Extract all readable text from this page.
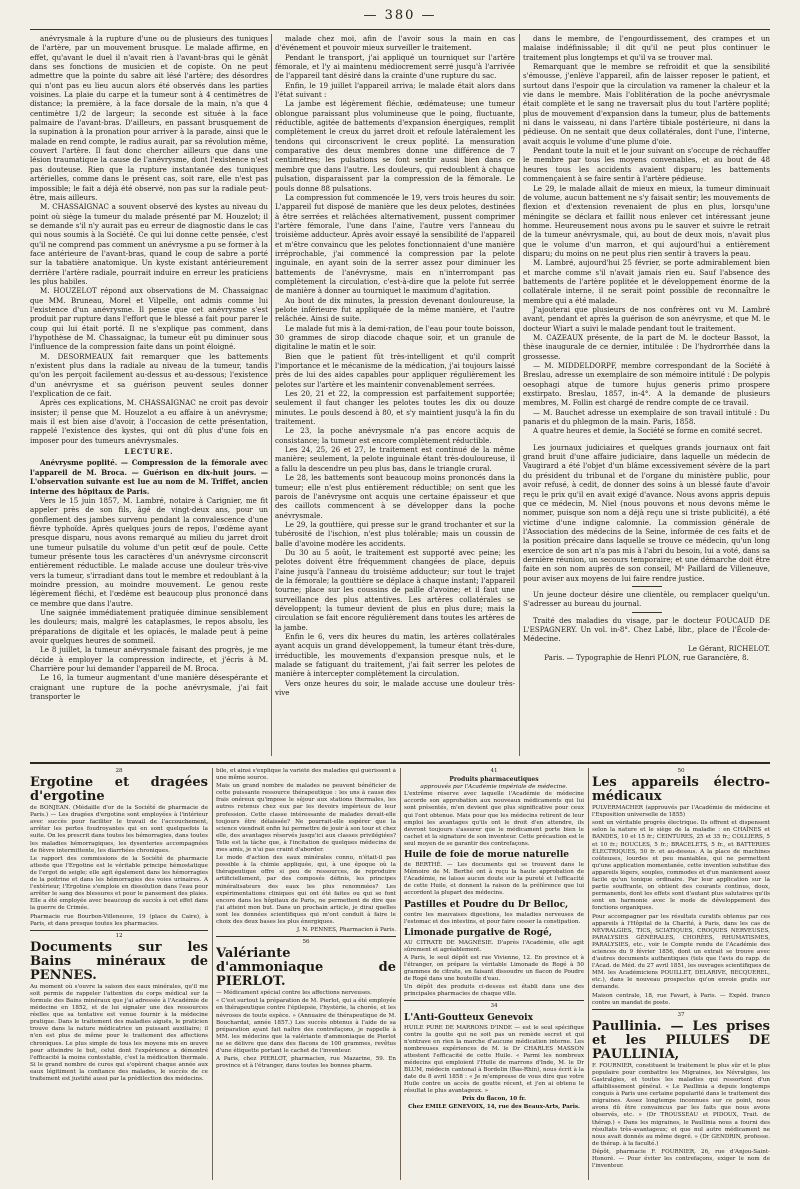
— 380 —

anévrysmale à la rupture d'une ou de plusieurs des tuniques de l'artère, par un mouvement brusque. Le malade affirme, en effet, qu'avant le duel il n'avait rien à l'avant-bras qui le gênât dans ses fonctions de musicien et de copiste. On ne peut admettre que la pointe du sabre ait lésé l'artère; des désordres qui n'ont pas eu lieu aucun alors été observés dans les parties voisines. La plaie du carpe et la tumeur sont à 4 centimètres de distance; la première, à la face dorsale de la main, n'a que 4 centimètre 1/2 de largeur; la seconde est située à la face palmaire de l'avant-bras. D'ailleurs, en passant brusquement de la supination à la pronation pour arriver à la parade, ainsi que le malade en rend compte, le radius aurait, par sa révolution même, couvert l'artère. Il faut donc chercher ailleurs que dans une lésion traumatique la cause de l'anévrysme, dont l'existence n'est pas douteuse. Rien que la rupture instantanée des tuniques artérielles, comme dans le présent cas, soit rare, elle n'est pas impossible; le fait a déjà été observé, non pas sur la radiale peut-être, mais ailleurs.

M. CHASSAIGNAC a souvent observé des kystes au niveau du point où siège la tumeur du malade présenté par M. Houzelot; il se demande s'il n'y aurait pas eu erreur de diagnostic dans le cas qui nous soumis à la Société. Ce qui lui donne cette pensée, c'est qu'il ne comprend pas comment un anévrysme a pu se former à la face antérieure de l'avant-bras, quand le coup de sabre a porté sur la tabatière anatomique. Un kyste existant antérieurement derrière l'artère radiale, pourrait induire en erreur les praticiens les plus habiles.

M. HOUZELOT répond aux observations de M. Chassaignac que MM. Bruneau, Morel et Vilpelle, ont admis comme lui l'existence d'un anévrysme. Il pense que cet anévrysme s'est produit par rupture dans l'effort que le blessé a fait pour parer le coup qui lui était porté. Il ne s'explique pas comment, dans l'hypothèse de M. Chassaignac, la tumeur eût pu diminuer sous l'influence de la compression faite dans un point éloigné.

M. DESORMEAUX fait remarquer que les battements n'existent plus dans la radiale au niveau de la tumeur, tandis qu'on les perçoit facilement au-dessus et au-dessous; l'existence d'un anévrysme et sa guérison peuvent seules donner l'explication de ce fait.

Après ces explications, M. CHASSAIGNAC ne croit pas devoir insister; il pense que M. Houzelot a eu affaire à un anévrysme; mais il est bien aise d'avoir, à l'occasion de cette présentation, rappelé l'existence des kystes, qui ont dû plus d'une fois en imposer pour des tumeurs anévrysmales.

LECTURE.

Anévrysme poplité. — Compression de la fémorale avec l'appareil de M. Broca. — Guérison en dix-huit jours. — L'observation suivante est lue au nom de M. Triffet, ancien interne des hôpitaux de Paris.

Vers le 15 juin 1857, M. Lambré, notaire à Carignier, me fit appeler près de son fils, âgé de vingt-deux ans, pour un gonflement des jambes survenu pendant la convalescence d'une fièvre typhoïde. Après quelques jours de repos, l'œdème ayant presque disparu, nous avons remarqué au milieu du jarret droit une tumeur pulsatile du volume d'un petit œuf de poule. Cette tumeur présente tous les caractères d'un anévrysme circonscrit entièrement réductible. Le malade accuse une douleur très-vive vers la tumeur, s'irradiant dans tout le membre et redoublant à la moindre pression, au moindre mouvement. Le genou reste légèrement fléchi, et l'œdème est beaucoup plus prononcé dans ce membre que dans l'autre.

Une saignée immédiatement pratiquée diminue sensiblement les douleurs; mais, malgré les cataplasmes, le repos absolu, les préparations de digitale et les opiacés, le malade peut à peine avoir quelques heures de sommeil.

Le 8 juillet, la tumeur anévrysmale faisant des progrès, je me décide à employer la compression indirecte, et j'écris à M. Charrière pour lui demander l'appareil de M. Broca.

Le 16, la tumeur augmentant d'une manière désespérante et craignant une rupture de la poche anévrysmale, j'ai fait transporter le

malade chez moi, afin de l'avoir sous la main en cas d'événement et pouvoir mieux surveiller le traitement.

Pendant le transport, j'ai appliqué un tourniquet sur l'artère fémorale, et l'y ai maintenu médiocrement serré jusqu'à l'arrivée de l'appareil tant désiré dans la crainte d'une rupture du sac.

Enfin, le 19 juillet l'appareil arriva; le malade était alors dans l'état suivant :

La jambe est légèrement fléchie, œdémateuse; une tumeur oblongue paraissant plus volumineuse que le poing, fluctuante, réductible, agitée de battements d'expansion énergiques, remplit complètement le creux du jarret droit et refoule latéralement les tendons qui circonscrivent le creux poplité. La mensuration comparative des deux membres donne une différence de 7 centimètres; les pulsations se font sentir aussi bien dans ce membre que dans l'autre. Les douleurs, qui redoublent à chaque pulsation, disparaissent par la compression de la fémorale. Le pouls donne 88 pulsations.

La compression fut commencée le 19, vers trois heures du soir. L'appareil fut disposé de manière que les deux pelotes, destinées à être serrées et relâchées alternativement, pussent comprimer l'artère fémorale, l'une dans l'aine, l'autre vers l'anneau du troisième adducteur. Après avoir essayé la sensibilité de l'appareil et m'être convaincu que les pelotes fonctionnaient d'une manière irréprochable, j'ai commencé la compression par la pelote inguinale, en ayant soin de la serrer assez pour diminuer les battements de l'anévrysme, mais en n'interrompant pas complètement la circulation, c'est-à-dire que la pelote fut serrée de manière à donner au tourniquet le maximum d'agitation.

Au bout de dix minutes, la pression devenant douloureuse, la pelote inférieure fut appliquée de la même manière, et l'autre relâchée. Ainsi de suite.

Le malade fut mis à la demi-ration, de l'eau pour toute boisson, 30 grammes de sirop diacode chaque soir, et un granule de digitaline le matin et le soir.

Bien que le patient fût très-intelligent et qu'il comprît l'importance et le mécanisme de la médication, j'ai toujours laissé près de lui des aides capables pour appliquer régulièrement les pelotes sur l'artère et les maintenir convenablement serrées.

Les 20, 21 et 22, la compression est parfaitement supportée; seulement il faut changer les pelotes toutes les dix ou douze minutes. Le pouls descend à 80, et s'y maintient jusqu'à la fin du traitement.

Le 23, la poche anévrysmale n'a pas encore acquis de consistance; la tumeur est encore complètement réductible.

Les 24, 25, 26 et 27, le traitement est continué de la même manière; seulement, la pelote inguinale étant très-douloureuse, il a fallu la descendre un peu plus bas, dans le triangle crural.

Le 28, les battements sont beaucoup moins prononcés dans la tumeur; elle n'est plus entièrement réductible; on sent que les parois de l'anévrysme ont acquis une certaine épaisseur et que des caillots commencent à se développer dans la poche anévrysmale.

Le 29, la gouttière, qui presse sur le grand trochanter et sur la tubérosité de l'ischion, n'est plus tolérable; mais un coussin de balle d'avoine modère les accidents.

Du 30 au 5 août, le traitement est supporté avec peine; les pelotes doivent être fréquemment changées de place, depuis l'aine jusqu'à l'anneau du troisième adducteur; sur tout le trajet de la fémorale; la gouttière se déplace à chaque instant; l'appareil tourne; place sur les coussins de paille d'avoine; et il faut une surveillance des plus attentives. Les artères collatérales se développent; la tumeur devient de plus en plus dure; mais la circulation se fait encore régulièrement dans toutes les artères de la jambe.

Enfin le 6, vers dix heures du matin, les artères collatérales ayant acquis un grand développement, la tumeur étant très-dure, irréductible, les mouvements d'expansion presque nuls, et le malade se fatiguant du traitement, j'ai fait serrer les pelotes de manière à intercepter complètement la circulation.

Vers onze heures du soir, le malade accuse une douleur très-vive

dans le membre, de l'engourdissement, des crampes et un malaise indéfinissable; il dit qu'il ne peut plus continuer le traitement plus longtemps et qu'il va se trouver mal.

Remarquant que le membre se refroidit et que la sensibilité s'émousse, j'enlève l'appareil, afin de laisser reposer le patient, et surtout dans l'espoir que la circulation va ramener la chaleur et la vie dans le membre. Mais l'oblitération de la poche anévrysmale était complète et le sang ne traversait plus du tout l'artère poplité; plus de mouvement d'expansion dans la tumeur, plus de battements ni dans le vaisseau, ni dans l'artère tibiale postérieure, ni dans la pédieuse. On ne sentait que deux collatérales, dont l'une, l'interne, avait acquis le volume d'une plume d'oie.

Pendant toute la nuit et le jour suivant on s'occupe de réchauffer le membre par tous les moyens convenables, et au bout de 48 heures tous les accidents avaient disparu; les battements commençaient à se faire sentir à l'artère pédieuse.

Le 29, le malade allait de mieux en mieux, la tumeur diminuait de volume, aucun battement ne s'y faisait sentir; les mouvements de flexion et d'extension revenaient de plus en plus, lorsqu'une méningite se déclara et faillit nous enlever cet intéressant jeune homme. Heureusement nous avons pu le sauver et suivre le retrait de la tumeur anévrysmale, qui, au bout de deux mois, n'avait plus que le volume d'un marron, et qui aujourd'hui a entièrement disparu; du moins on ne peut plus rien sentir à travers la peau.

M. Lambré, aujourd'hui 25 février, se porte admirablement bien et marche comme s'il n'avait jamais rien eu. Sauf l'absence des battements de l'artère poplitée et le développement énorme de la collatérale interne, il ne serait point possible de reconnaître le membre qui a été malade.

J'ajouterai que plusieurs de nos confrères ont vu M. Lambré avant, pendant et après la guérison de son anévrysme, et que M. le docteur Wiart a suivi le malade pendant tout le traitement.

M. CAZEAUX présente, de la part de M. le docteur Bassot, la thèse inaugurale de ce dernier, intitulée : De l'hydrorrhée dans la grossesse.

— M. MIDDELDORPF, membre correspondant de la Société à Breslau, adresse un exemplaire de son mémoire intitulé : De polypis oesophagi atque de tumore hujus generis primo prospere exstirpato. Breslau, 1857, in-4°. A la demande de plusieurs membres, M. Follin est chargé de rendre compte de ce travail.

— M. Bauchet adresse un exemplaire de son travail intitulé : Du panaris et du phlegmon de la main. Paris, 1858.

A quatre heures et demie, la Société se forme en comité secret.

Les journaux judiciaires et quelques grands journaux ont fait grand bruit d'une affaire judiciaire, dans laquelle un médecin de Vaugirard a été l'objet d'un blâme excessivement sévère de la part du président du tribunal et de l'organe du ministère public, pour avoir refusé, à cedit, de donner des soins à un blessé faute d'avoir reçu le prix qu'il en avait exigé d'avance. Nous avons appris depuis que ce médecin, M. Niel (nous pouvons et nous devons même le nommer, puisque son nom a déjà reçu une si triste publicité), a été victime d'une indigne calomnie. La commission générale de l'Association des médecins de la Seine, informée de ces faits et de la position précaire dans laquelle se trouve ce médecin, qu'un long exercice de son art n'a pas mis à l'abri du besoin, lui a voté, dans sa dernière réunion, un secours temporaire; et une démarche doit être faite en son nom auprès de son conseil, Mᵉ Paillard de Villeneuve, pour aviser aux moyens de lui faire rendre justice.

Un jeune docteur désire une clientèle, ou remplacer quelqu'un. S'adresser au bureau du journal.

Traité des maladies du visage, par le docteur FOUCAUD DE L'ESPAGNERY. Un vol. in-8°. Chez Labé, libr., place de l'École-de-Médecine.

Le Gérant, RICHELOT.

Paris. — Typographie de Henri PLON, rue Garancière, 8.

28
Ergotine et dragées d'ergotine

de BONJEAN. (Médaille d'or de la Société de pharmacie de Paris.) — Les dragées d'ergotine sont employées à l'intérieur avec succès pour faciliter le travail de l'accouchement, arrêter les pertes foudroyantes qui en sont quelquefois la suite. On les prescrit dans toutes les hémorragies, dans toutes les maladies hémorragiques, les dysenteries accompagnées de fièvre intermittente, les diarrhées chroniques.

Le rapport des commissions de la Société de pharmacie atteste que l'Ergotine est le véritable principe hémostatique de l'ergot de seigle; elle agit également dans les hémorragies de la poitrine et dans les hémorragies des voies urinaires. A l'extérieur, l'Ergotine s'emploie en dissolution dans l'eau pour arrêter le sang des blessures et pour le pansement des plaies. Elle a été employée avec beaucoup de succès à cet effet dans la guerre de Crimée.

Pharmacie rue Bourbon-Villeneuve, 19 (place du Caire), à Paris, et dans presque toutes les pharmacies.

12
Documents sur les Bains minéraux de PENNES.

Au moment où s'ouvre la saison des eaux minérales, qu'il me soit permis de rappeler l'attention du corps médical sur la formule des Bains minéraux que j'ai adressée à l'Académie de médecine en 1852, et de lui signaler une des ressources réelles que sa tentative est venue fournir à la médecine pratique. Dans le traitement des maladies aiguës, le praticien trouve dans la nature médicatrice un puissant auxiliaire; il n'en est plus de même pour le traitement des affections chroniques. Le plus simple de tous les moyens mis en œuvre pour atteindre le but, celui dont l'expérience a démontré l'efficacité la moins contestable, c'est la médication thermale. Si le grand nombre de cures qui s'opèrent chaque année aux eaux légitiment la confiance des malades, le succès de ce traitement est justifié aussi par la prédilection des médecins.

bile, et ainsi s'explique la variété des maladies qui guérissent à une même source.

Mais un grand nombre de malades ne peuvent bénéficier de cette puissante ressource thérapeutique : les uns à cause des frais onéreux qu'impose le séjour aux stations thermales, les autres retenus chez eux par les devoirs impérieux de leur profession. Cette classe intéressante de malades devait-elle toujours être délaissée? Ne pourrait-elle espérer que la science viendrait enfin lui permettre de jouir à son tour et chez elle, des avantages réservés jusqu'ici aux classes privilégiées? Telle est la tâche que, à l'incitation de quelques médecins de mes amis, je n'ai pas craint d'aborder.

Le mode d'action des eaux minérales connu, n'était-il pas possible à la chimie appliquée, qui, à une époque où la thérapeutique offre si peu de ressources, de reproduire artificiellement, par des composés définis, les principes minéralisateurs des eaux les plus renommées? Les expérimentations cliniques qui ont été faites ou qui se font encore dans les hôpitaux de Paris, ne permettent de dire que j'ai atteint mon but. Dans un prochain article, je dirai quelles sont les données scientifiques qui m'ont conduit à faire le choix des deux bases les plus énergiques.

J. N. PENNES, Pharmacien à Paris.

56
Valériante d'ammoniaque de PIERLOT.

— Médicament spécial contre les affections nerveuses.

« C'est surtout la préparation de M. Pierlot, qui a été employée en thérapeutique contre l'épilepsie, l'hystérie, la chorée, et les névroses de toute espèce. » (Annuaire de thérapeutique de M. Bouchardat, année 1857.) Les succès obtenus à l'aide de sa préparation ayant fait naître des contrefaçons, je rappelle à MM. les médecins que la valériante d'ammoniaque de Pierlot ne se délivre que dans des flacons de 100 grammes, revêtus d'une étiquette portant le cachet de l'inventeur.

A Paris, chez PIERLOT, pharmacien, rue Mazarine, 59. En province et à l'étranger, dans toutes les bonnes pharm.

41
Produits pharmaceutiques
approuvés par l'Académie impériale de médecine.

L'extrême réserve avec laquelle l'Académie de médecine accorde son approbation aux nouveaux médicaments qui lui sont présentés, m'en devient que plus significative pour ceux qui l'ont obtenue. Mais pour que les médecins retirent de leur emploi les avantages qu'ils ont le droit d'en attendre, ils devront toujours s'assurer que le médicament porte bien le cachet et la signature de son inventeur. Cette précaution est le seul moyen de se garantir des contrefaçons.

Huile de foie de morue naturelle

de BERTHÉ. — Les documents qui se trouvent dans le Mémoire de M. Berthé ont à reçu la haute approbation de l'Académie, ne laisse aucun doute sur la pureté et l'efficacité de cette Huile, et donnent la raison de la préférence que lui accordent la plupart des médecins.

Pastilles et Poudre du Dr Belloc,

contre les mauvaises digestions, les maladies nerveuses de l'estomac et des intestins, et pour faire cesser la constipation.

Limonade purgative de Rogé,

AU CITRATE DE MAGNÉSIE. D'après l'Académie, elle agit sûrement et agréablement.

A Paris, le seul dépôt est rue Vivienne, 12. En province et à l'étranger, on prépare la véritable Limonade de Rogé à 50 grammes de citrate, en faisant dissoudre un flacon de Poudre de Rogé dans une bouteille d'eau.

Un dépôt des produits ci-dessus est établi dans une des principales pharmacies de chaque ville.

34
L'Anti-Goutteux Genevoix

HUILE PURE DE MARRONS D'INDE — est le seul spécifique contre la goutte qui ne soit pas un remède secret et qui n'entrave en rien la marche d'aucune médication interne. Les nombreuses expériences de M. le Dr CHARLES MASSON attestent l'efficacité de cette Huile. « Parmi les nombreux médecins qui emploient l'Huile de marrons d'Inde, M. le Dr BLUM, médecin cantonal à Bordelin (Bas-Rhin), nous écrit à la date du 8 avril 1858 : « Je m'empresse de vous dire que votre Huile contre un accès de goutte récent, et j'en ai obtenu le résultat le plus avantageux. »

Prix du flacon, 10 fr.
Chez EMILE GENEVOIX, 14, rue des Beaux-Arts, Paris.
50
Les appareils électro-médicaux

PULVERMACHER (approuvés par l'Académie de médecine et l'Exposition universelle de 1855)

sont un véritable progrès électrique. Ils offrent et dispensent selon la nature et le siège de la maladie : en CHAÎNES et BANDES, 10 et 15 fr.; CEINTURES, 25 et 35 fr.; COLLIERS, 5 et 10 fr.; BOUCLES, 5 fr.; BRACELETS, 5 fr., et BATTERIES ÉLECTRIQUES, 50 fr. et au-dessus. A la place de machines coûteuses, lourdes et peu maniables, qui ne permettent qu'une application momentanée, cette invention substitue des appareils légers, souples, commodes et d'un maniement assez facile qu'un tonique ordinaire. Par leur application sur la partie souffrante, on obtient des courants continus, doux, permanents, dont les effets sont d'autant plus salutaires qu'ils sont en harmonie avec le mode de développement des fonctions organiques.

Pour accompagner par les résultats curatifs obtenus par ces appareils à l'Hôpital de la Charité, à Paris, dans les cas de NÉVRALGIES, TICS, SCIATIQUES, CROQUES NERVEUSES, PARALYSIES GÉNÉRALES, CHORÉES, RHUMATISMES, PARALYSIES, etc., voir le Compte rendu de l'Académie des sciences du 9 février 1856, dont un extrait se trouve avec d'autres documents authentiques (tels que l'avis du rapp. de l'Acad. de Méd. du 27 avril 1851, les ouvrages scientifiques de MM. les Académiciens POUILLET, DELARIVE, BECQUEREL, etc.), dans le nouveau prospectus qu'on envoie gratis sur demande.

Maison centrale, 18, rue Favart, à Paris. — Expéd. franco contre un mandat de poste.

37
Paullinia. — Les prises et les PILULES DE PAULLINIA,

F. FOURNIER, constituent le traitement le plus sûr et le plus populaire pour combattre les Migraines, les Névralgies, les Gastralgies, et toutes les maladies qui ressortent d'un affaiblissement général. « Le Paullinia a depuis longtemps conquis à Paris une certaine popularité dans le traitement des migraines. Assez longtemps inconnues sur ce point, nous avons dû être convaincus par les faits que nous avons observés, etc. » (Dr TROUSSEAU et PIDOUX, Trait. de thérap.) « Dans les migraines, le Paullinia nous a fourni des résultats très-avantageux; et que nul autre médicament ne nous avait donnés au même degré. » (Dr GENDRIN, professe. de thérap. à la faculté.)

Dépôt, pharmacie F. FOURNIER, 26, rue d'Anjou-Saint-Honoré. — Pour éviter les contrefaçons, exiger le nom de l'inventeur.
